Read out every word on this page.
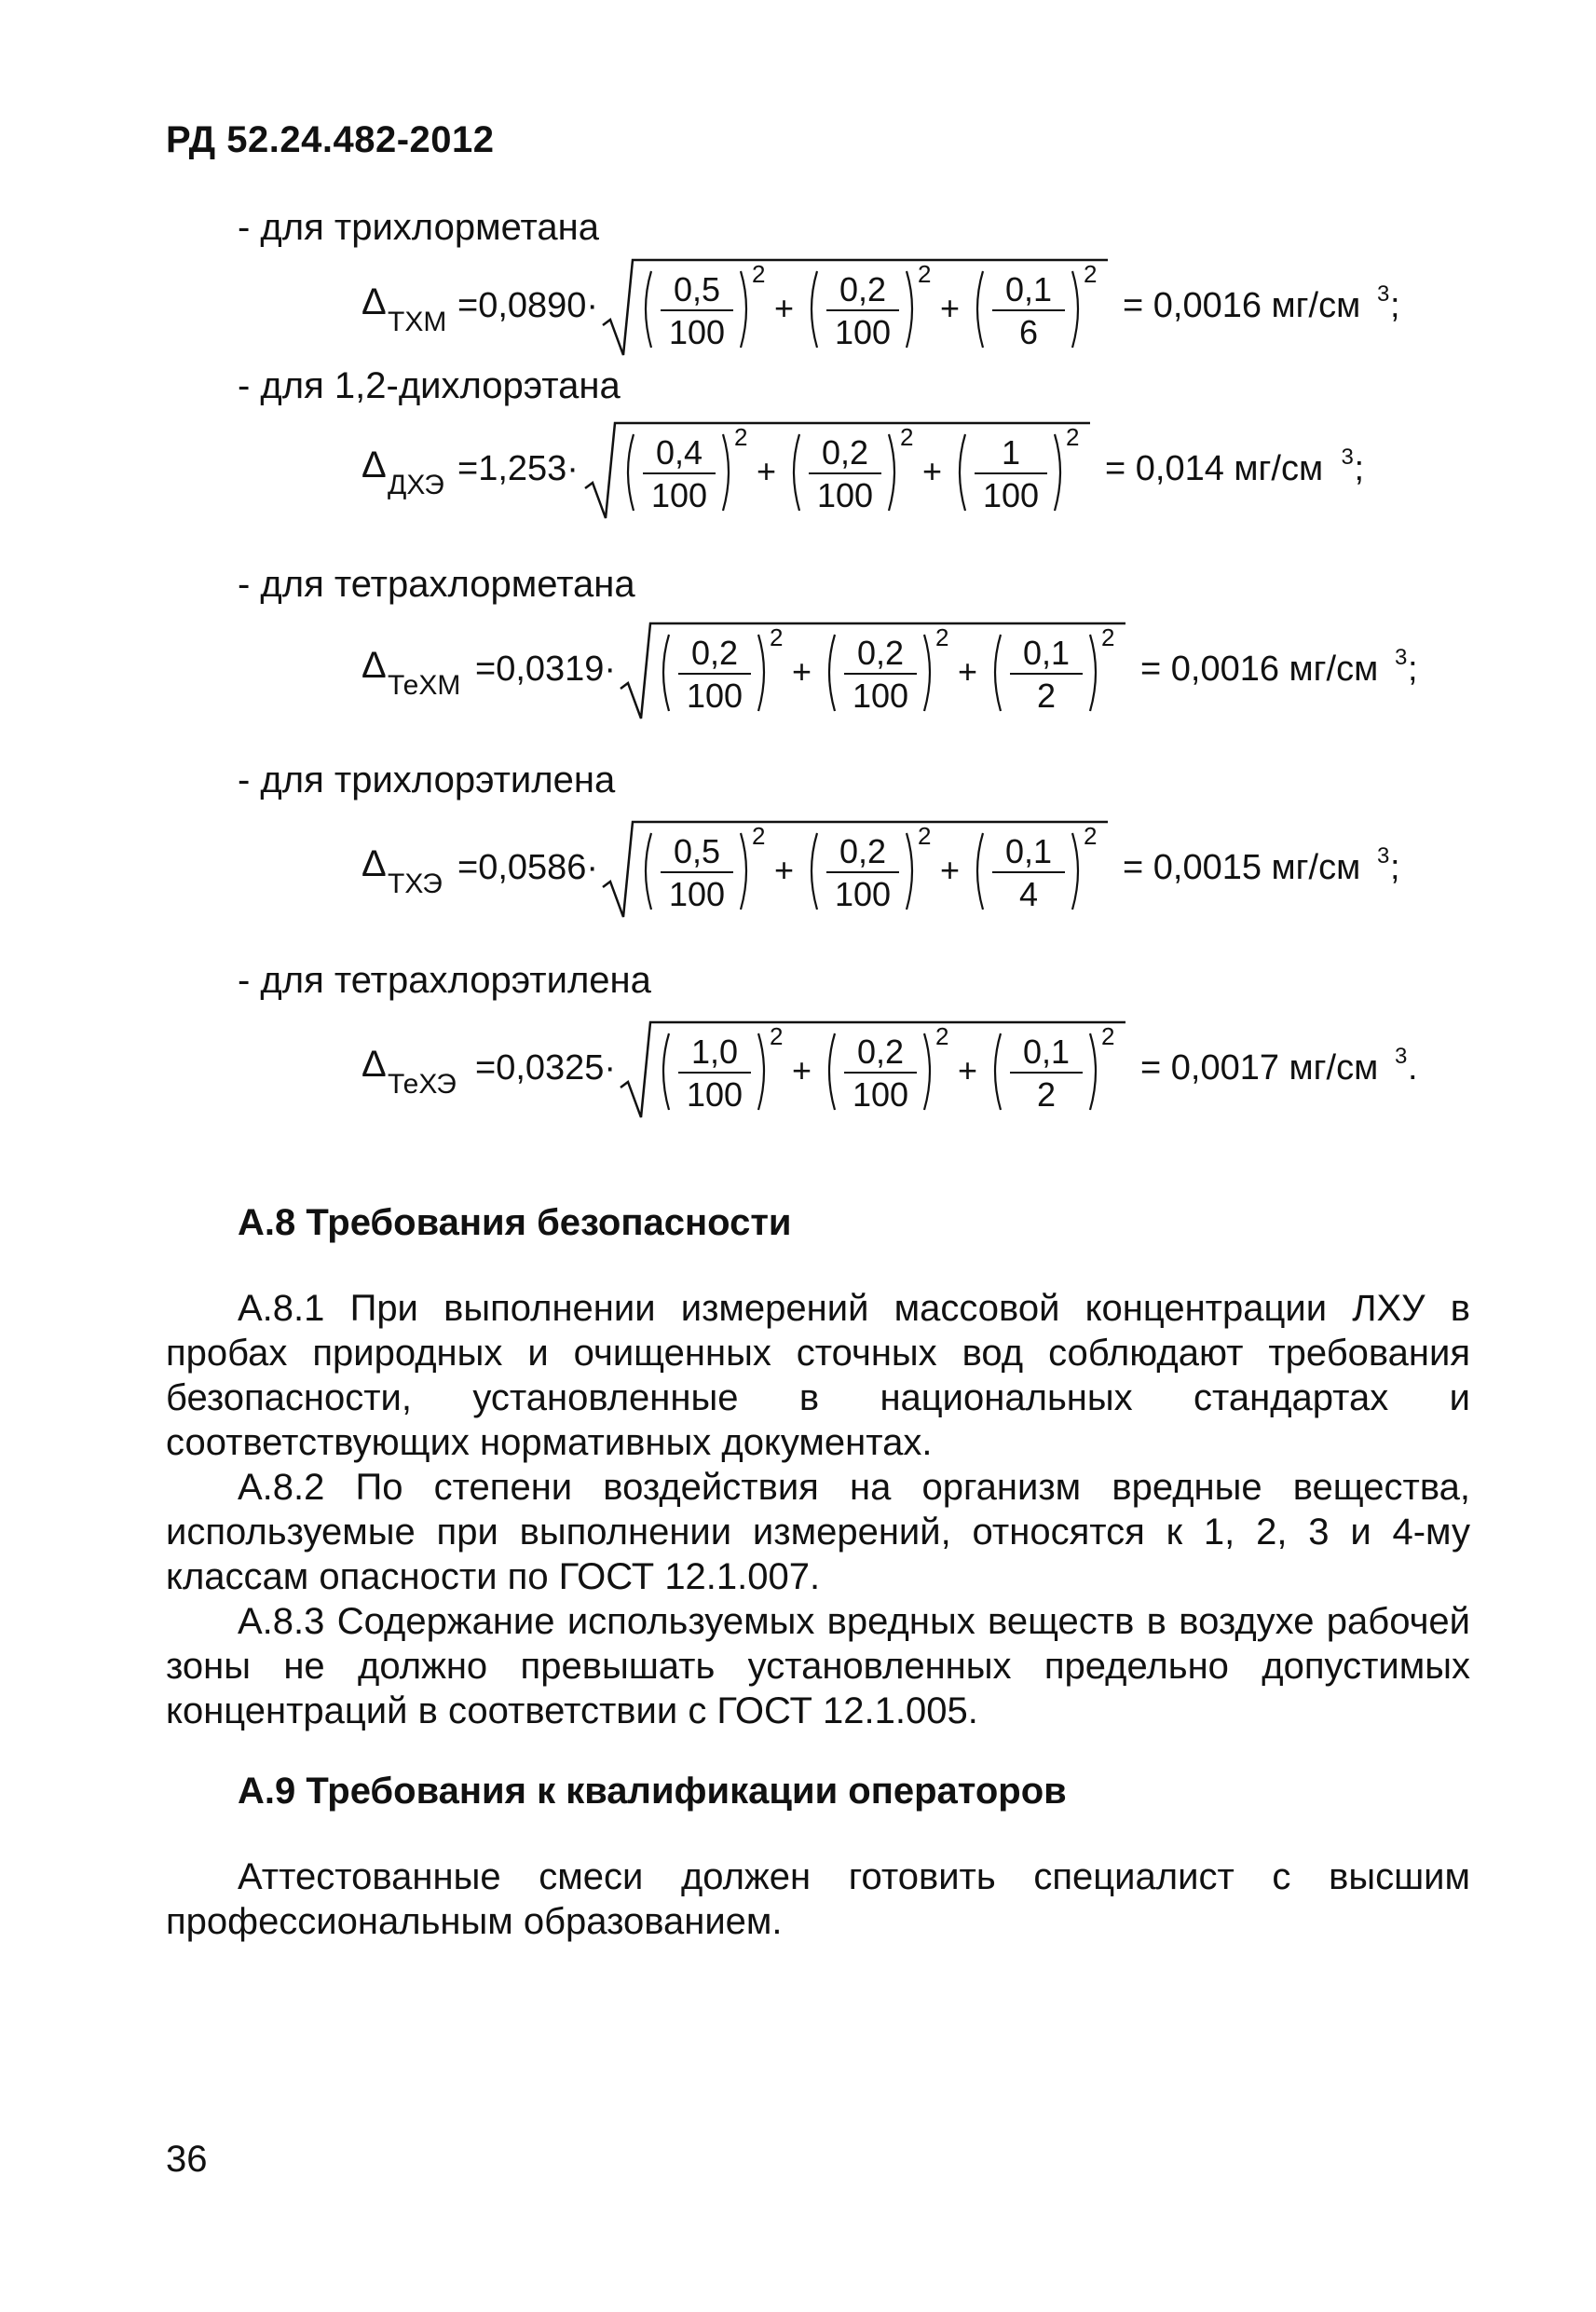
РД 52.24.482-2012
- для трихлорметана
- для 1,2-дихлорэтана
- для тетрахлорметана
- для трихлорэтилена
- для тетрахлорэтилена
Δ ТХМ =0,0890· 0,5
100
2
+ 0,2
100
2
+ 0,1
6
2
= 0,0016 мг/см 3 ;
Δ ДХЭ =1,253· 0,4
100
2
+ 0,2
100
2
+ 1
100
2
= 0,014 мг/см 3 ;
Δ ТеХМ =0,0319· 0,2
100
2
+ 0,2
100
2
+ 0,1
2
2
= 0,0016 мг/см 3 ;
Δ ТХЭ =0,0586· 0,5
100
2
+ 0,2
100
2
+ 0,1
4
2
= 0,0015 мг/см 3 ;
Δ ТеХЭ =0,0325· 1,0
100
2
+ 0,2
100
2
+ 0,1
2
2
= 0,0017 мг/см 3 .
А.8 Требования безопасности
А.8.1 При выполнении измерений массовой концентрации ЛХУ в пробах природных и очищенных сточных вод соблюдают требования безопасности, установленные в национальных стандартах и соответствующих нормативных документах.
А.8.2 По степени воздействия на организм вредные вещества, используемые при выполнении измерений, относятся к 1, 2, 3 и 4-му классам опасности по ГОСТ 12.1.007.
А.8.3 Содержание используемых вредных веществ в воздухе рабочей зоны не должно превышать установленных предельно допустимых концентраций в соответствии с ГОСТ 12.1.005.
А.9 Требования к квалификации операторов
Аттестованные смеси должен готовить специалист с высшим профессиональным образованием.
36
